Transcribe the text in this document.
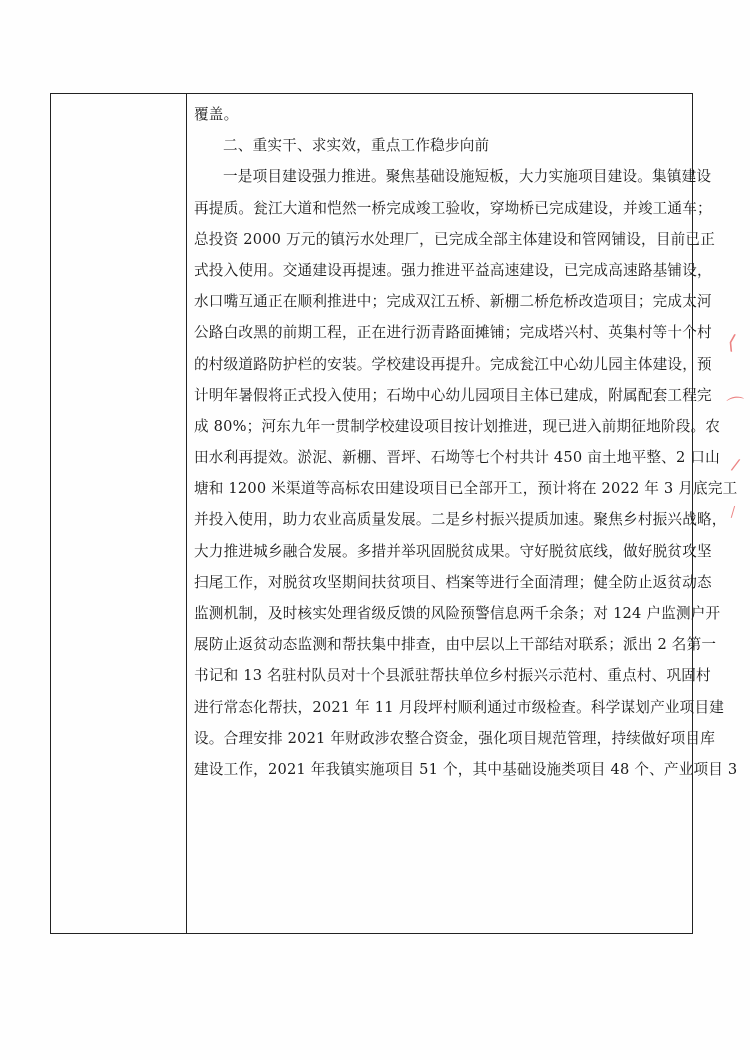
覆盖。
二、重实干、求实效，重点工作稳步向前
一是项目建设强力推进。聚焦基础设施短板，大力实施项目建设。集镇建设
再提质。瓮江大道和恺然一桥完成竣工验收，穿坳桥已完成建设，并竣工通车；
总投资 2000 万元的镇污水处理厂，已完成全部主体建设和管网铺设，目前已正
式投入使用。交通建设再提速。强力推进平益高速建设，已完成高速路基铺设，
水口嘴互通正在顺利推进中；完成双江五桥、新棚二桥危桥改造项目；完成太河
公路白改黑的前期工程，正在进行沥青路面摊铺；完成塔兴村、英集村等十个村
的村级道路防护栏的安装。学校建设再提升。完成瓮江中心幼儿园主体建设，预
计明年暑假将正式投入使用；石坳中心幼儿园项目主体已建成，附属配套工程完
成 80%；河东九年一贯制学校建设项目按计划推进，现已进入前期征地阶段。农
田水利再提效。淤泥、新棚、晋坪、石坳等七个村共计 450 亩土地平整、2 口山
塘和 1200 米渠道等高标农田建设项目已全部开工，预计将在 2022 年 3 月底完工
并投入使用，助力农业高质量发展。二是乡村振兴提质加速。聚焦乡村振兴战略，
大力推进城乡融合发展。多措并举巩固脱贫成果。守好脱贫底线，做好脱贫攻坚
扫尾工作，对脱贫攻坚期间扶贫项目、档案等进行全面清理；健全防止返贫动态
监测机制，及时核实处理省级反馈的风险预警信息两千余条；对 124 户监测户开
展防止返贫动态监测和帮扶集中排查，由中层以上干部结对联系；派出 2 名第一
书记和 13 名驻村队员对十个县派驻帮扶单位乡村振兴示范村、重点村、巩固村
进行常态化帮扶，2021 年 11 月段坪村顺利通过市级检查。科学谋划产业项目建
设。合理安排 2021 年财政涉农整合资金，强化项目规范管理，持续做好项目库
建设工作，2021 年我镇实施项目 51 个，其中基础设施类项目 48 个、产业项目 3
⟨
⌒
/
⁄
